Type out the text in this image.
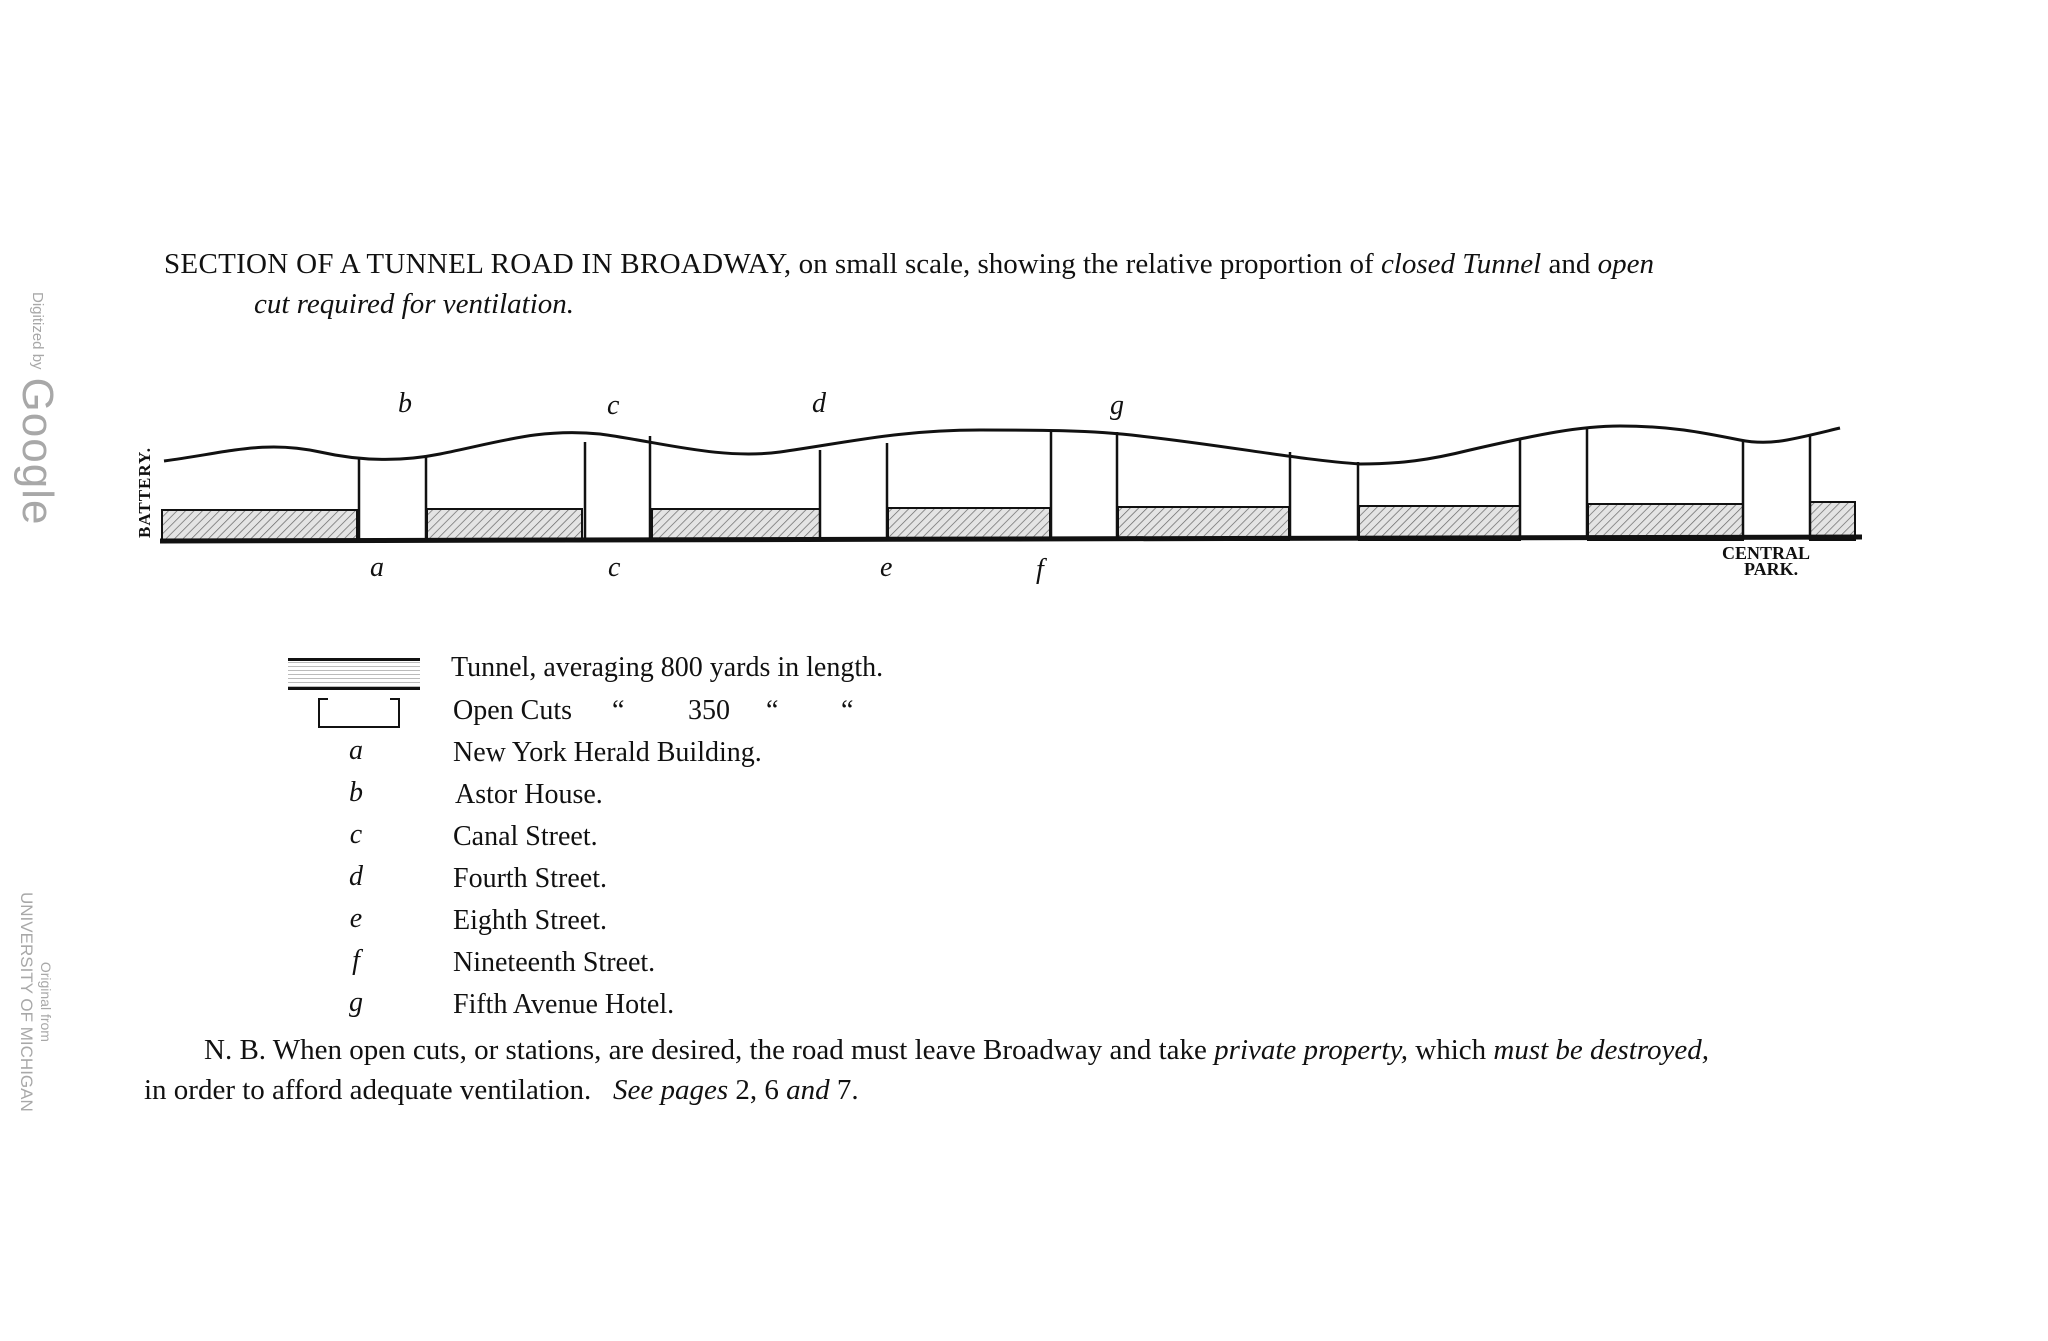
Digitized byGoogle
Original from
UNIVERSITY OF MICHIGAN
SECTION OF A TUNNEL ROAD IN BROADWAY, on small scale, showing the relative proportion of closed Tunnel and open
cut required for ventilation.
BATTERY.
CENTRAL
PARK.
b	c	d	g
a	c	e	f
Tunnel, averaging 800 yards in length.
Open Cuts “ 350 “ “
a	New York Herald Building.
b	Astor House.
c	Canal Street.
d	Fourth Street.
e	Eighth Street.
f	Nineteenth Street.
g	Fifth Avenue Hotel.
N. B. When open cuts, or stations, are desired, the road must leave Broadway and take private property, which must be destroyed,
in order to afford adequate ventilation. See pages 2, 6 and 7.
